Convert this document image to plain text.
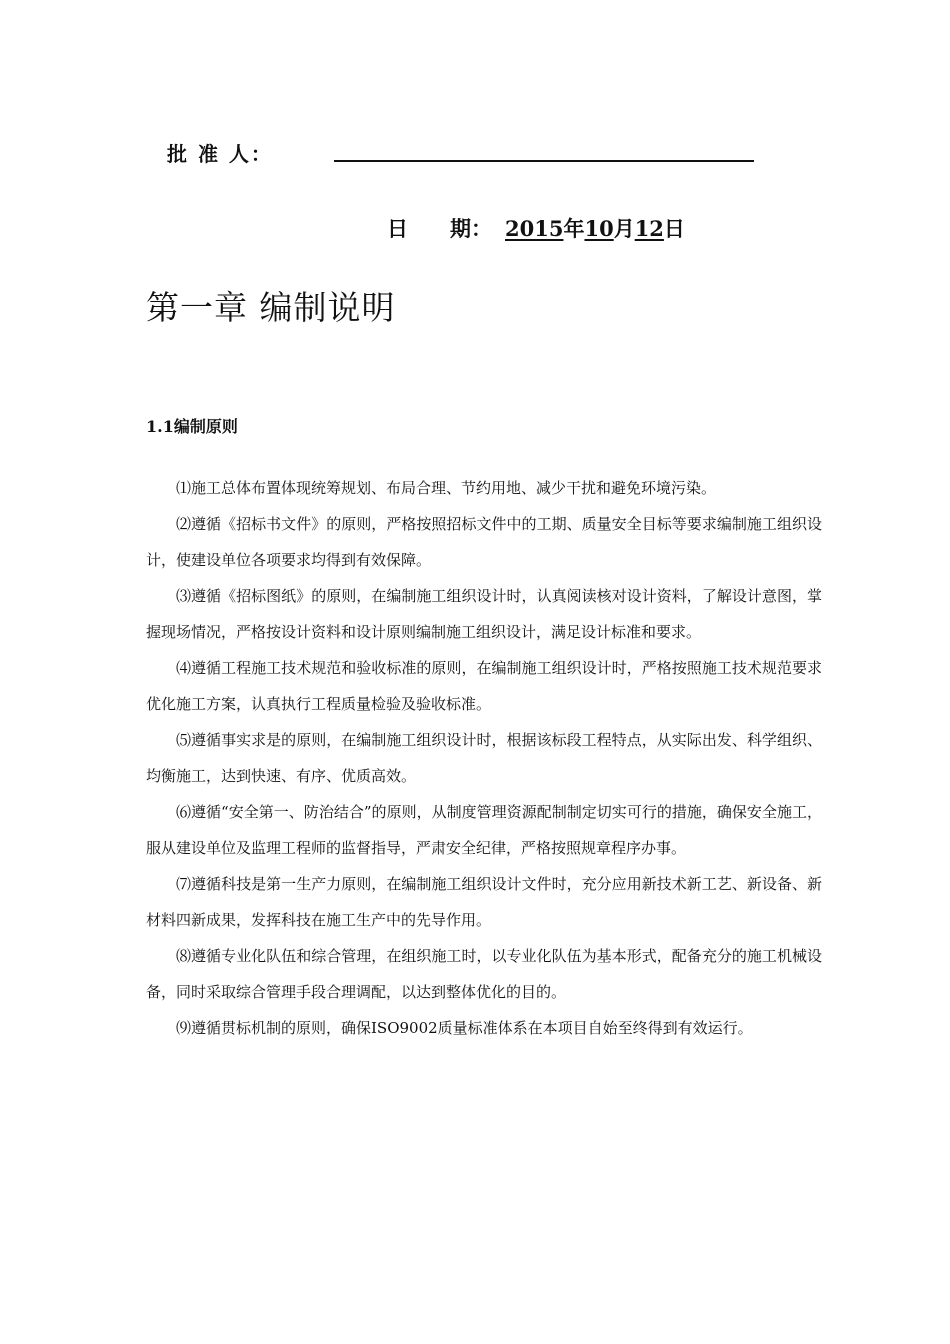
批 准 人：
日　　期： 2015年10月12日
第一章 编制说明
1.1编制原则

⑴施工总体布置体现统筹规划、布局合理、节约用地、减少干扰和避免环境污染。

⑵遵循《招标书文件》的原则，严格按照招标文件中的工期、质量安全目标等要求编制施工组织设计，使建设单位各项要求均得到有效保障。

⑶遵循《招标图纸》的原则，在编制施工组织设计时，认真阅读核对设计资料，了解设计意图，掌握现场情况，严格按设计资料和设计原则编制施工组织设计，满足设计标准和要求。

⑷遵循工程施工技术规范和验收标准的原则，在编制施工组织设计时，严格按照施工技术规范要求优化施工方案，认真执行工程质量检验及验收标准。

⑸遵循事实求是的原则，在编制施工组织设计时，根据该标段工程特点，从实际出发、科学组织、均衡施工，达到快速、有序、优质高效。

⑹遵循“安全第一、防治结合”的原则，从制度管理资源配制制定切实可行的措施，确保安全施工，服从建设单位及监理工程师的监督指导，严肃安全纪律，严格按照规章程序办事。

⑺遵循科技是第一生产力原则，在编制施工组织设计文件时，充分应用新技术新工艺、新设备、新材料四新成果，发挥科技在施工生产中的先导作用。

⑻遵循专业化队伍和综合管理，在组织施工时，以专业化队伍为基本形式，配备充分的施工机械设备，同时采取综合管理手段合理调配，以达到整体优化的目的。

⑼遵循贯标机制的原则，确保ISO9002质量标准体系在本项目自始至终得到有效运行。
